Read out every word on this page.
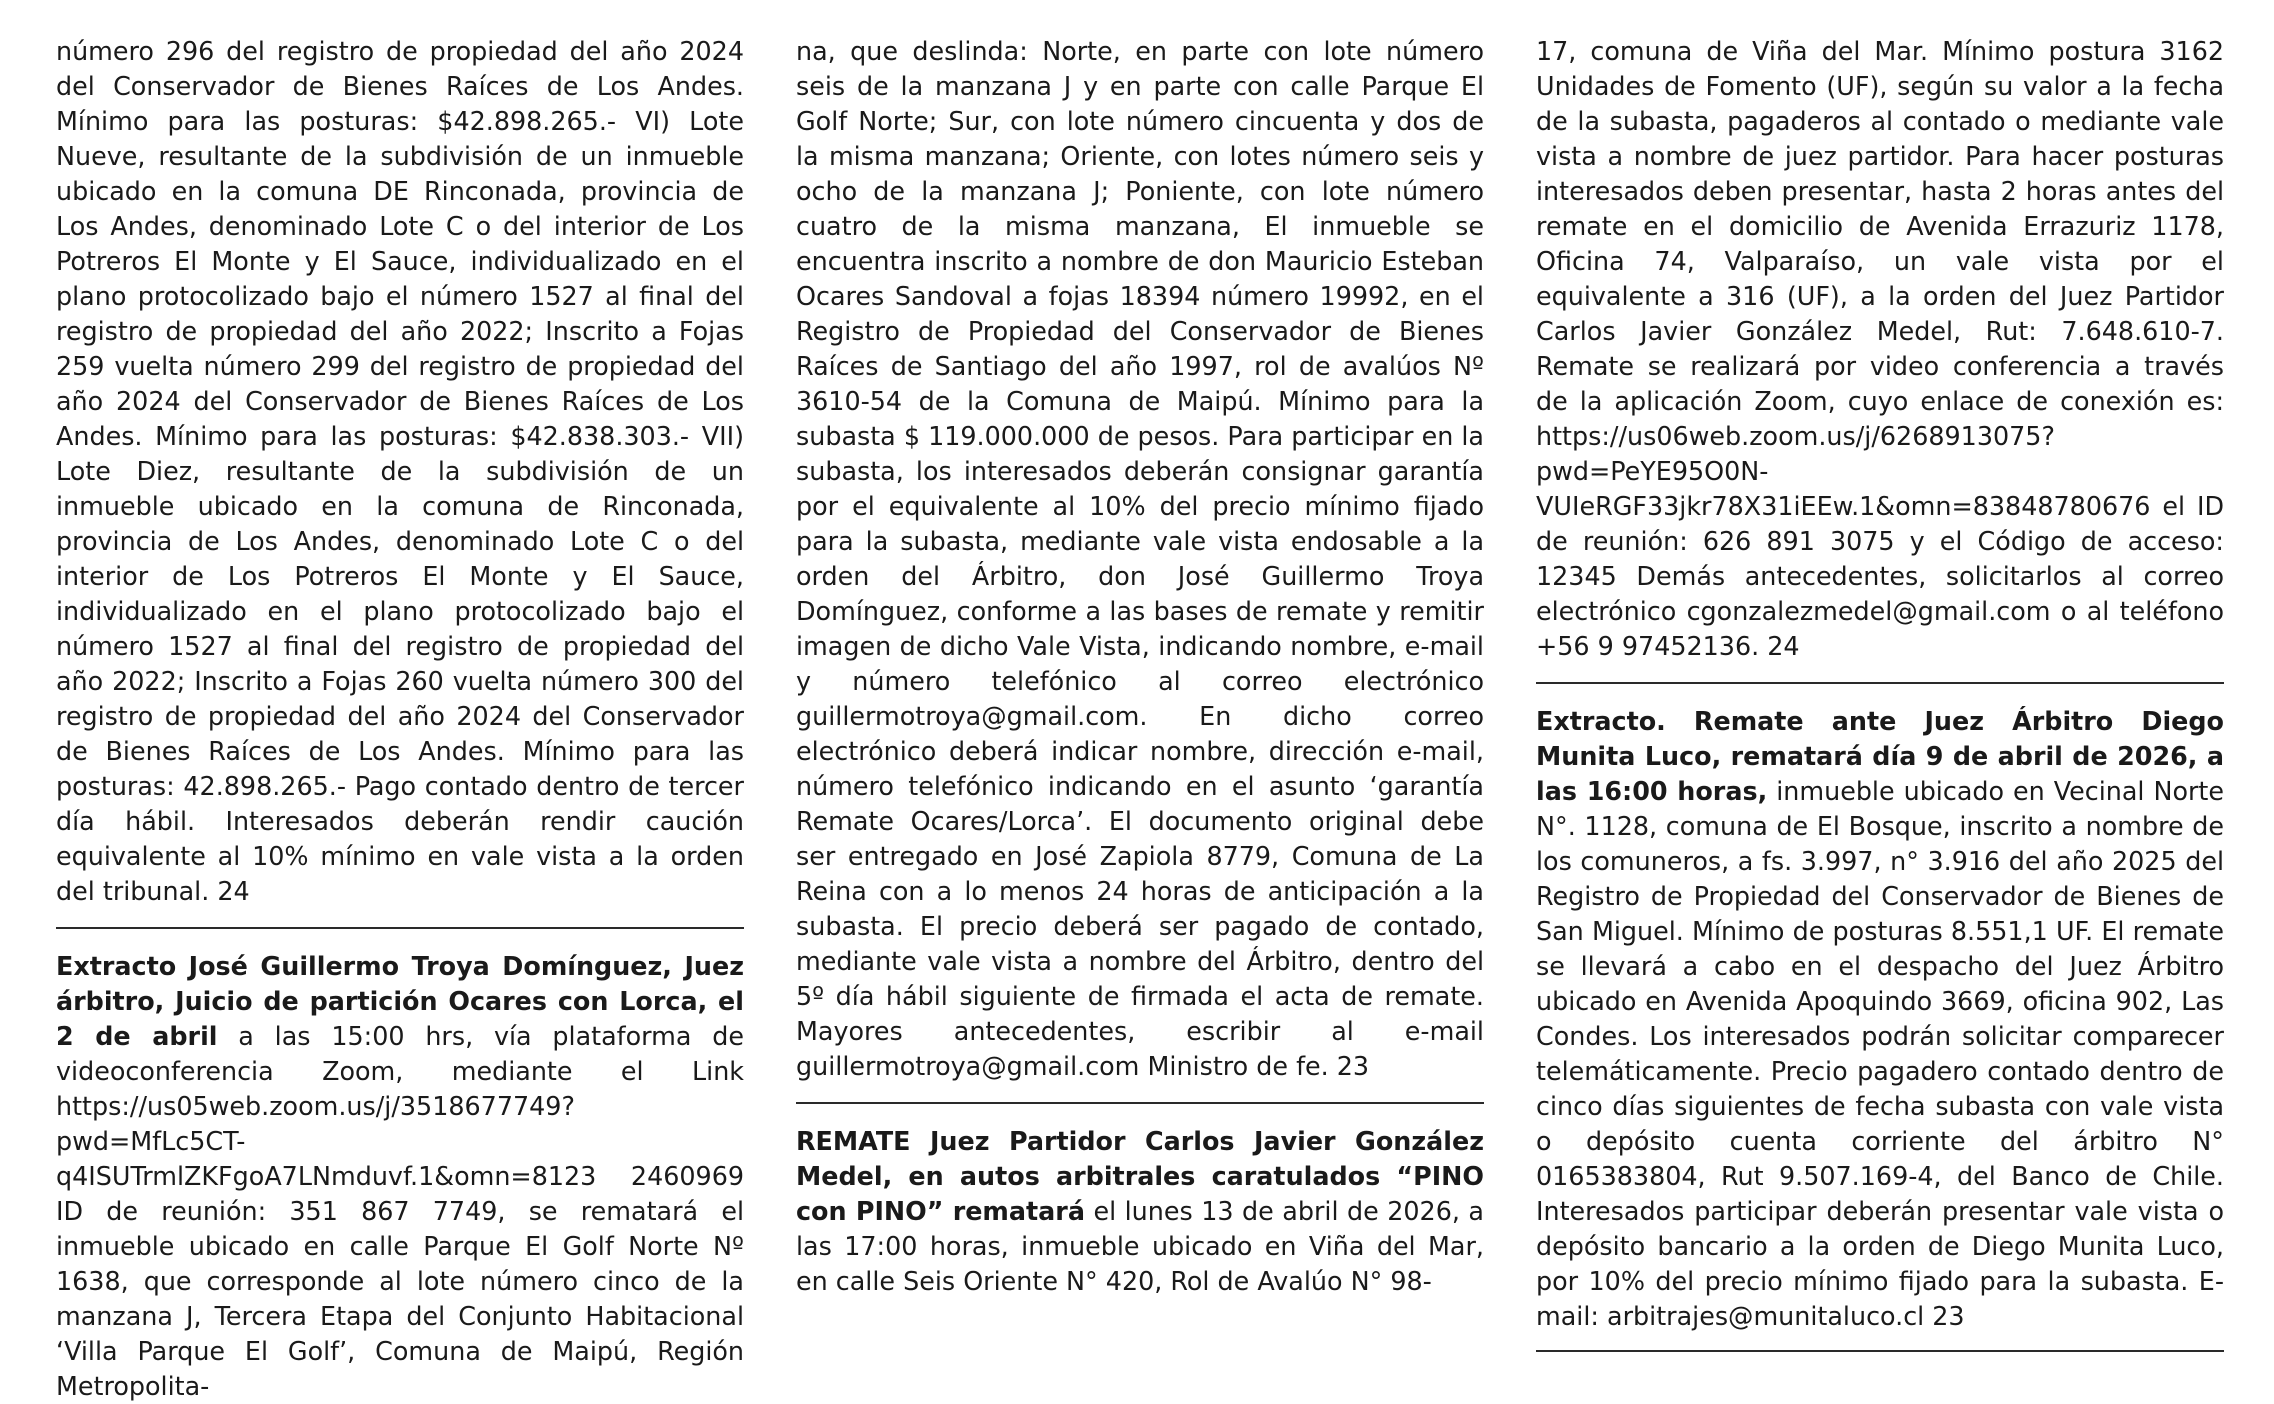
número 296 del registro de propiedad del año 2024 del Conservador de Bienes Raíces de Los Andes. Mínimo para las posturas: $42.898.265.- VI) Lote Nueve, resultante de la subdivisión de un inmueble ubicado en la comuna DE Rinconada, provincia de Los Andes, denominado Lote C o del interior de Los Potreros El Monte y El Sauce, individualizado en el plano protocolizado bajo el número 1527 al final del registro de propiedad del año 2022; Inscrito a Fojas 259 vuelta número 299 del registro de propiedad del año 2024 del Conservador de Bienes Raíces de Los Andes. Mínimo para las posturas: $42.838.303.- VII) Lote Diez, resultante de la subdivisión de un inmueble ubicado en la comuna de Rinconada, provincia de Los Andes, denominado Lote C o del interior de Los Potreros El Monte y El Sauce, individualizado en el plano protocolizado bajo el número 1527 al final del registro de propiedad del año 2022; Inscrito a Fojas 260 vuelta número 300 del registro de propiedad del año 2024 del Conservador de Bienes Raíces de Los Andes. Mínimo para las posturas: 42.898.265.- Pago contado dentro de tercer día hábil. Interesados deberán rendir caución equivalente al 10% mínimo en vale vista a la orden del tribunal. 24

Extracto José Guillermo Troya Domínguez, Juez árbitro, Juicio de partición Ocares con Lorca, el 2 de abril a las 15:00 hrs, vía plataforma de videoconferencia Zoom, mediante el Link https://us05web.zoom.us/j/3518677749?pwd=MfLc5CT-q4ISUTrmlZKFgoA7LNmduvf.1&omn=8123 2460969 ID de reunión: 351 867 7749, se rematará el inmueble ubicado en calle Parque El Golf Norte Nº 1638, que corresponde al lote número cinco de la manzana J, Tercera Etapa del Conjunto Habitacional ‘Villa Parque El Golf’, Comuna de Maipú, Región Metropolita-

na, que deslinda: Norte, en parte con lote número seis de la manzana J y en parte con calle Parque El Golf Norte; Sur, con lote número cincuenta y dos de la misma manzana; Oriente, con lotes número seis y ocho de la manzana J; Poniente, con lote número cuatro de la misma manzana, El inmueble se encuentra inscrito a nombre de don Mauricio Esteban Ocares Sandoval a fojas 18394 número 19992, en el Registro de Propiedad del Conservador de Bienes Raíces de Santiago del año 1997, rol de avalúos Nº 3610-54 de la Comuna de Maipú. Mínimo para la subasta $ 119.000.000 de pesos. Para participar en la subasta, los interesados deberán consignar garantía por el equivalente al 10% del precio mínimo fijado para la subasta, mediante vale vista endosable a la orden del Árbitro, don José Guillermo Troya Domínguez, conforme a las bases de remate y remitir imagen de dicho Vale Vista, indicando nombre, e-mail y número telefónico al correo electrónico guillermotroya@gmail.com. En dicho correo electrónico deberá indicar nombre, dirección e-mail, número telefónico indicando en el asunto ‘garantía Remate Ocares/Lorca’. El documento original debe ser entregado en José Zapiola 8779, Comuna de La Reina con a lo menos 24 horas de anticipación a la subasta. El precio deberá ser pagado de contado, mediante vale vista a nombre del Árbitro, dentro del 5º día hábil siguiente de firmada el acta de remate. Mayores antecedentes, escribir al e-mail guillermotroya@gmail.com Ministro de fe. 23

REMATE Juez Partidor Carlos Javier González Medel, en autos arbitrales caratulados “PINO con PINO” rematará el lunes 13 de abril de 2026, a las 17:00 horas, inmueble ubicado en Viña del Mar, en calle Seis Oriente N° 420, Rol de Avalúo N° 98-

17, comuna de Viña del Mar. Mínimo postura 3162 Unidades de Fomento (UF), según su valor a la fecha de la subasta, pagaderos al contado o mediante vale vista a nombre de juez partidor. Para hacer posturas interesados deben presentar, hasta 2 horas antes del remate en el domicilio de Avenida Errazuriz 1178, Oficina 74, Valparaíso, un vale vista por el equivalente a 316 (UF), a la orden del Juez Partidor Carlos Javier González Medel, Rut: 7.648.610-7. Remate se realizará por video conferencia a través de la aplicación Zoom, cuyo enlace de conexión es: https://us06web.zoom.us/j/6268913075?pwd=PeYE95O0N-VUIeRGF33jkr78X31iEEw.1&omn=83848780676 el ID de reunión: 626 891 3075 y el Código de acceso: 12345 Demás antecedentes, solicitarlos al correo electrónico cgonzalezmedel@gmail.com o al teléfono +56 9 97452136. 24

Extracto. Remate ante Juez Árbitro Diego Munita Luco, rematará día 9 de abril de 2026, a las 16:00 horas, inmueble ubicado en Vecinal Norte N°. 1128, comuna de El Bosque, inscrito a nombre de los comuneros, a fs. 3.997, n° 3.916 del año 2025 del Registro de Propiedad del Conservador de Bienes de San Miguel. Mínimo de posturas 8.551,1 UF. El remate se llevará a cabo en el despacho del Juez Árbitro ubicado en Avenida Apoquindo 3669, oficina 902, Las Condes. Los interesados podrán solicitar comparecer telemáticamente. Precio pagadero contado dentro de cinco días siguientes de fecha subasta con vale vista o depósito cuenta corriente del árbitro N° 0165383804, Rut 9.507.169-4, del Banco de Chile. Interesados participar deberán presentar vale vista o depósito bancario a la orden de Diego Munita Luco, por 10% del precio mínimo fijado para la subasta. E-mail: arbitrajes@munitaluco.cl 23
